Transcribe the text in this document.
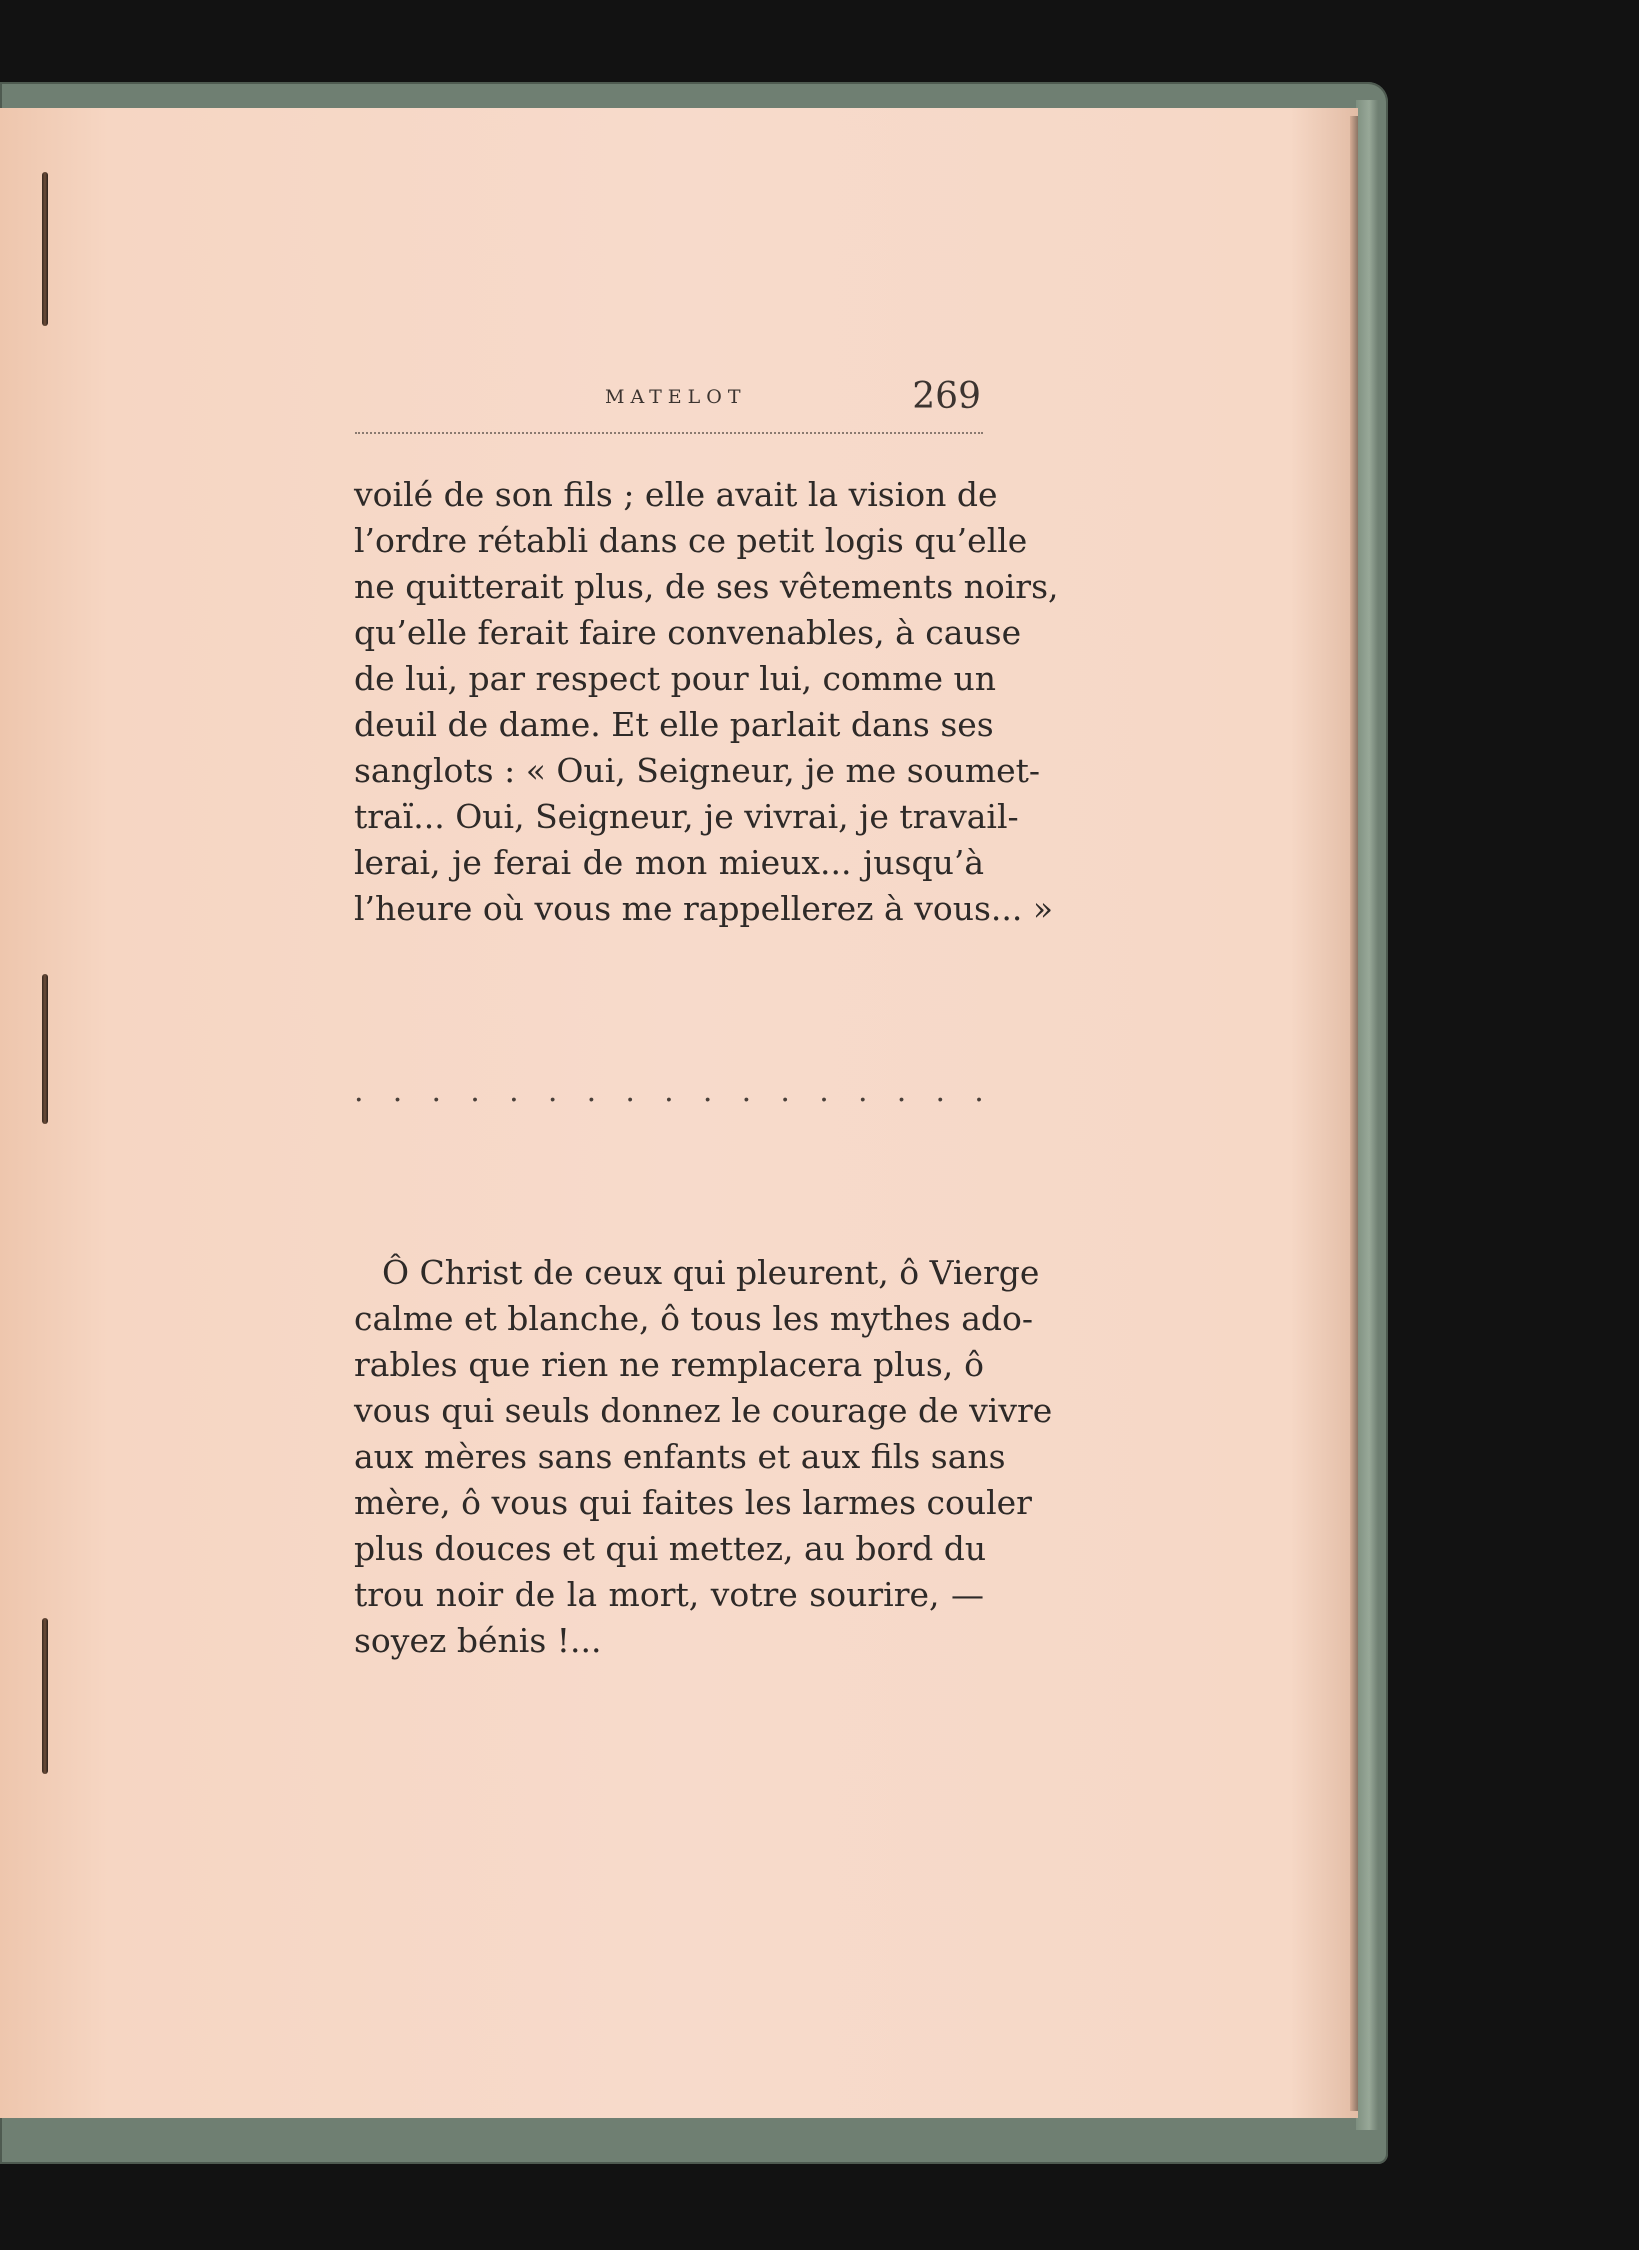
MATELOT	269

voilé de son fils ; elle avait la vision de
l’ordre rétabli dans ce petit logis qu’elle
ne quitterait plus, de ses vêtements noirs,
qu’elle ferait faire convenables, à cause
de lui, par respect pour lui, comme un
deuil de dame. Et elle parlait dans ses
sanglots : « Oui, Seigneur, je me soumet-
traï... Oui, Seigneur, je vivrai, je travail-
lerai, je ferai de mon mieux... jusqu’à
l’heure où vous me rappellerez à vous... »

. . . . . . . . . . . . . . . . .

Ô Christ de ceux qui pleurent, ô Vierge
calme et blanche, ô tous les mythes ado-
rables que rien ne remplacera plus, ô
vous qui seuls donnez le courage de vivre
aux mères sans enfants et aux fils sans
mère, ô vous qui faites les larmes couler
plus douces et qui mettez, au bord du
trou noir de la mort, votre sourire, —
soyez bénis !...
